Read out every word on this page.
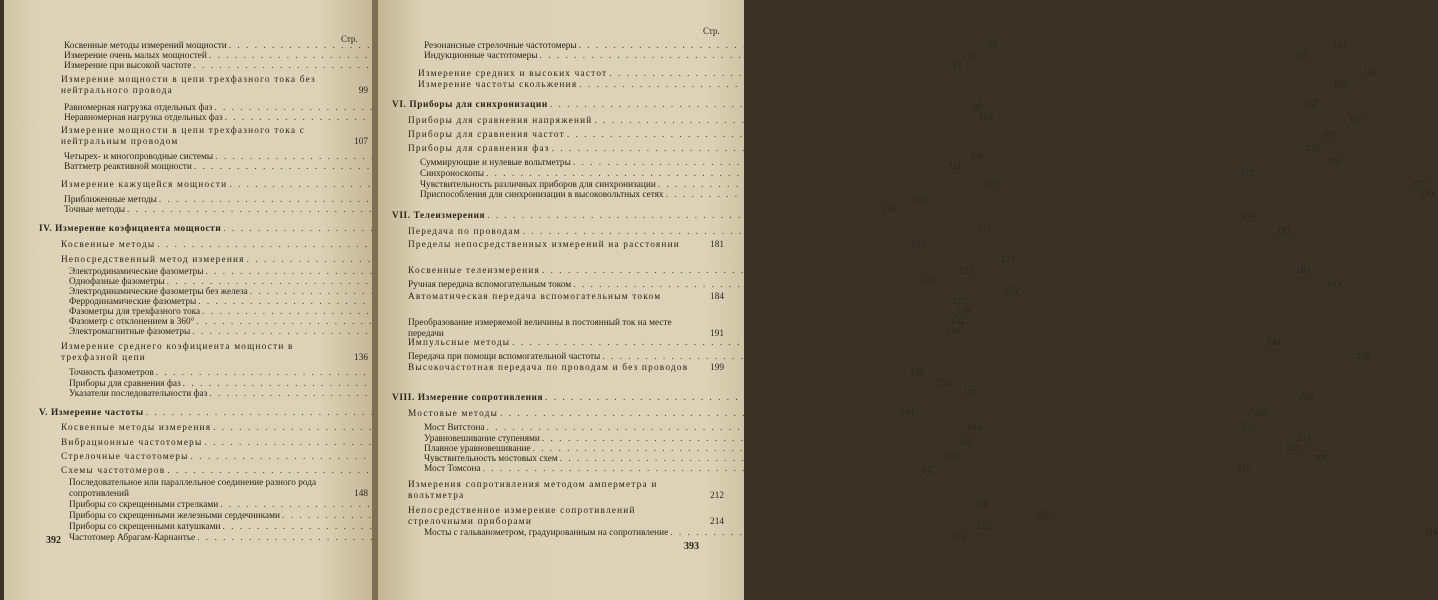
Стр.
Косвенные методы измерений мощности . . .	89
Измерение очень малых мощностей . . .	92
Измерение при высокой частоте . . .	92
Измерение мощности в цепи трехфазного тока без нейтрального провода	99
Равномерная нагрузка отдельных фаз . . .	99
Неравномерная нагрузка отдельных фаз . . .	103
Измерение мощности в цепи трехфазного тока с нейтральным проводом	107
Четырех- и многопроводные системы . . .	109
Ваттметр реактивной мощности . . .	111
Измерение кажущейся мощности . . .	115
Приближенные методы . . .	115
Точные методы . . .	116
IV. Измерение коэфициента мощности . . .	121
Косвенные методы . . .	121
Непосредственный метод измерения . . .	123
Электродинамические фазометры . . .	123
Однофазные фазометры . . .	124
Электродинамические фазометры без железа . . .	126
Ферродинамические фазометры . . .	127
Фазометры для трехфазного тока . . .	129
Фазометр с отклонением в 360° . . .	132
Электромагнитные фазометры . . .	134
Измерение среднего коэфициента мощности в трехфазной цепи	136
Точность фазометров . . .	138
Приборы для сравнения фаз . . .	138
Указатели последовательности фаз . . .	139
V. Измерение частоты . . .	144
Косвенные методы измерения . . .	144
Вибрационные частотомеры . . .	145
Стрелочные частотомеры . . .	146
Схемы частотомеров . . .	147
Последовательное или параллельное соединение разного рода сопротивлений	148
Приборы со скрещенными стрелками . . .	150
Приборы со скрещенными железными сердечниками . . .	151
Приборы со скрещенными катушками . . .	152
Частотомер Абрагам-Карнантье . . .	153
392
Стр.
Резонансные стрелочные частотомеры . . .	154
Индукционные частотомеры . . .	161
Измерение средних и высоких частот . . .	161
Измерение частоты скольжения . . .	162
VI. Приборы для синхронизации . . .	167
Приборы для сравнения напряжений . . .	167
Приборы для сравнения частот . . .	169
Приборы для сравнения фаз . . .	170
Суммирующие и нулевые вольтметры . . .	170
Синхроноскопы . . .	172
Чувствительность различных приборов для синхронизации . . .	177
Приспособления для синхронизации в высоковольтных сетях . . .	179
VII. Телеизмерения . . .	180
Передача по проводам . . .	181
Пределы непосредственных измерений на расстоянии	181
Косвенные телеизмерения . . .	183
Ручная передача вспомогательным током . . .	183
Автоматическая передача вспомогательным током	184
Преобразование измеряемой величины в постоянный ток на месте передачи	191
Импульсные методы . . .	194
Передача при помощи вспомогательной частоты . . .	198
Высокочастотная передача по проводам и без проводов	199
VIII. Измерение сопротивления . . .	202
Мостовые методы . . .	202
Мост Витстона . . .	202
Уравновешивание ступенями . . .	203
Плавное уравновешивание . . .	205
Чувствительность мостовых схем . . .	209
Мост Томсона . . .	210
Измерения сопротивления методом амперметра и вольтметра	212
Непосредственное измерение сопротивлений стрелочными приборами	214
Мосты с гальванометром, градуированным на сопротивление . . .	216
393
